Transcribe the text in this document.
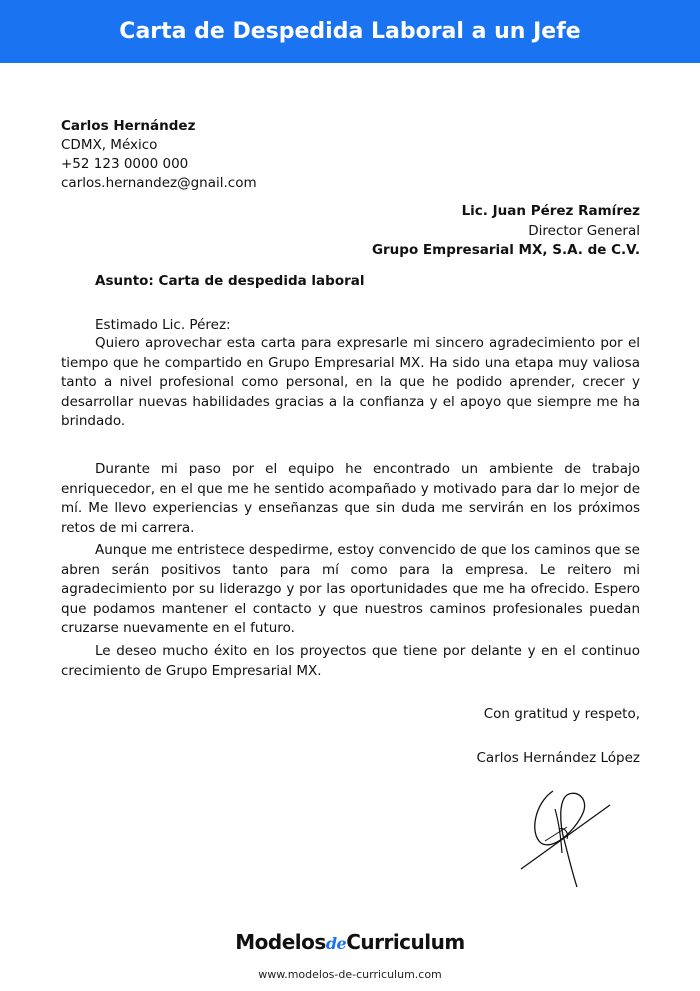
Carta de Despedida Laboral a un Jefe
Carlos Hernández
CDMX, México
+52 123 0000 000
carlos.hernandez@gnail.com
Lic. Juan Pérez Ramírez
Director General
Grupo Empresarial MX, S.A. de C.V.
Asunto: Carta de despedida laboral
Estimado Lic. Pérez:

Quiero aprovechar esta carta para expresarle mi sincero agradecimiento por el tiempo que he compartido en Grupo Empresarial MX. Ha sido una etapa muy valiosa tanto a nivel profesional como personal, en la que he podido aprender, crecer y desarrollar nuevas habilidades gracias a la confianza y el apoyo que siempre me ha brindado.

Durante mi paso por el equipo he encontrado un ambiente de trabajo enriquecedor, en el que me he sentido acompañado y motivado para dar lo mejor de mí. Me llevo experiencias y enseñanzas que sin duda me servirán en los próximos retos de mi carrera.

Aunque me entristece despedirme, estoy convencido de que los caminos que se abren serán positivos tanto para mí como para la empresa. Le reitero mi agradecimiento por su liderazgo y por las oportunidades que me ha ofrecido. Espero que podamos mantener el contacto y que nuestros caminos profesionales puedan cruzarse nuevamente en el futuro.

Le deseo mucho éxito en los proyectos que tiene por delante y en el continuo crecimiento de Grupo Empresarial MX.

Con gratitud y respeto,
Carlos Hernández López
ModelosdeCurriculum
www.modelos-de-curriculum.com
